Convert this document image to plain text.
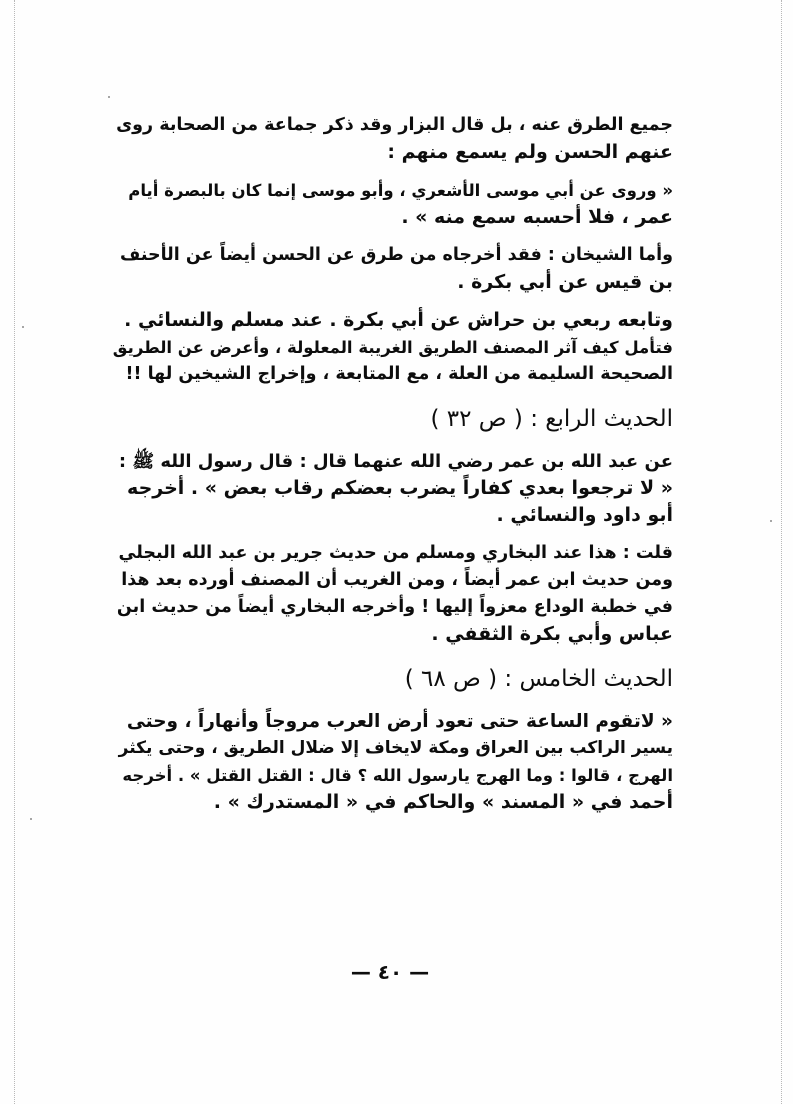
جميع الطرق عنه ، بل قال البزار وقد ذكر جماعة من الصحابة روى
عنهم الحسن ولم يسمع منهم :
« وروى عن أبي موسى الأشعري ، وأبو موسى إنما كان بالبصرة أيام
عمر ، فلا أحسبه سمع منه » .
وأما الشيخان : فقد أخرجاه من طرق عن الحسن أيضاً عن الأحنف
بن قيس عن أبي بكرة .
وتابعه ربعي بن حراش عن أبي بكرة . عند مسلم والنسائي .
فتأمل كيف آثر المصنف الطريق الغريبة المعلولة ، وأعرض عن الطريق
الصحيحة السليمة من العلة ، مع المتابعة ، وإخراج الشيخين لها !!
الحديث الرابع : ( ص ٣٢ )
عن عبد الله بن عمر رضي الله عنهما قال : قال رسول الله ﷺ :
« لا ترجعوا بعدي كفاراً يضرب بعضكم رقاب بعض » . أخرجه
أبو داود والنسائي .
قلت : هذا عند البخاري ومسلم من حديث جرير بن عبد الله البجلي
ومن حديث ابن عمر أيضاً ، ومن الغريب أن المصنف أورده بعد هذا
في خطبة الوداع معزواً إليها ! وأخرجه البخاري أيضاً من حديث ابن
عباس وأبي بكرة الثقفي .
الحديث الخامس : ( ص ٦٨ )
« لاتقوم الساعة حتى تعود أرض العرب مروجاً وأنهاراً ، وحتى
يسير الراكب بين العراق ومكة لايخاف إلا ضلال الطريق ، وحتى يكثر
الهرج ، قالوا : وما الهرج يارسول الله ؟ قال : القتل القتل » . أخرجه
أحمد في « المسند » والحاكم في « المستدرك » .
— ٤٠ —
